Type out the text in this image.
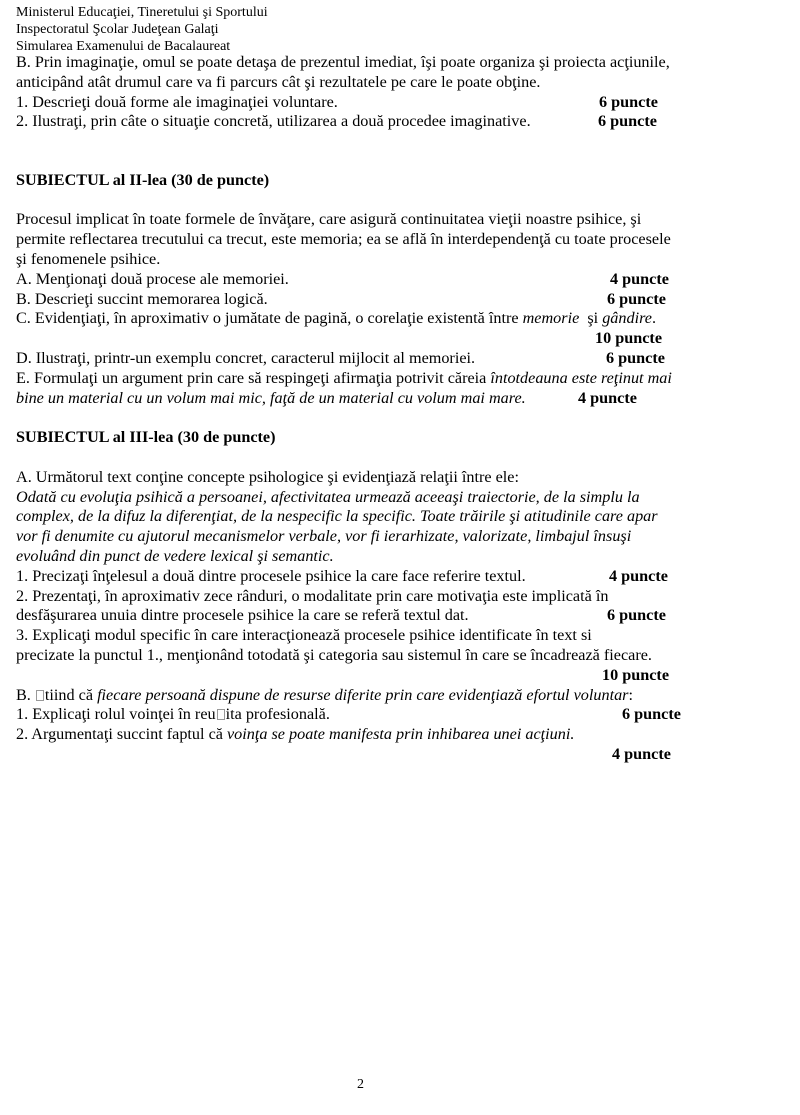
Ministerul Educaţiei, Tineretului şi Sportului
Inspectoratul Şcolar Judeţean Galaţi
Simularea Examenului de Bacalaureat
B. Prin imaginaţie, omul se poate detaşa de prezentul imediat, îşi poate organiza şi proiecta acţiunile,
anticipând atât drumul care va fi parcurs cât şi rezultatele pe care le poate obţine.
1. Descrieţi două forme ale imaginaţiei voluntare.	6 puncte
2. Ilustraţi, prin câte o situaţie concretă, utilizarea a două procedee imaginative.	6 puncte
SUBIECTUL al II-lea (30 de puncte)
Procesul implicat în toate formele de învăţare, care asigură continuitatea vieţii noastre psihice, şi
permite reflectarea trecutului ca trecut, este memoria; ea se află în interdependenţă cu toate procesele
şi fenomenele psihice.
A. Menţionaţi două procese ale memoriei.	4 puncte
B. Descrieţi succint memorarea logică.	6 puncte
C. Evidenţiaţi, în aproximativ o jumătate de pagină, o corelaţie existentă între memorie  şi gândire.
10 puncte
D. Ilustraţi, printr-un exemplu concret, caracterul mijlocit al memoriei.	6 puncte
E. Formulaţi un argument prin care să respingeţi afirmaţia potrivit căreia întotdeauna este reţinut mai
bine un material cu un volum mai mic, faţă de un material cu volum mai mare.	4 puncte
SUBIECTUL al III-lea (30 de puncte)
A. Următorul text conţine concepte psihologice şi evidenţiază relaţii între ele:
Odată cu evoluţia psihică a persoanei, afectivitatea urmează aceeaşi traiectorie, de la simplu la
complex, de la difuz la diferenţiat, de la nespecific la specific. Toate trăirile şi atitudinile care apar
vor fi denumite cu ajutorul mecanismelor verbale, vor fi ierarhizate, valorizate, limbajul însuşi
evoluând din punct de vedere lexical şi semantic.
1. Precizaţi înţelesul a două dintre procesele psihice la care face referire textul.	4 puncte
2. Prezentaţi, în aproximativ zece rânduri, o modalitate prin care motivaţia este implicată în
desfăşurarea unuia dintre procesele psihice la care se referă textul dat.	6 puncte
3. Explicaţi modul specific în care interacţionează procesele psihice identificate în text si
precizate la punctul 1., menţionând totodată şi categoria sau sistemul în care se încadrează fiecare.
10 puncte
B. tiind că fiecare persoană dispune de resurse diferite prin care evidenţiază efortul voluntar:
1. Explicaţi rolul voinţei în reu ita profesională.	6 puncte
2. Argumentaţi succint faptul că voinţa se poate manifesta prin inhibarea unei acţiuni.
4 puncte
2
